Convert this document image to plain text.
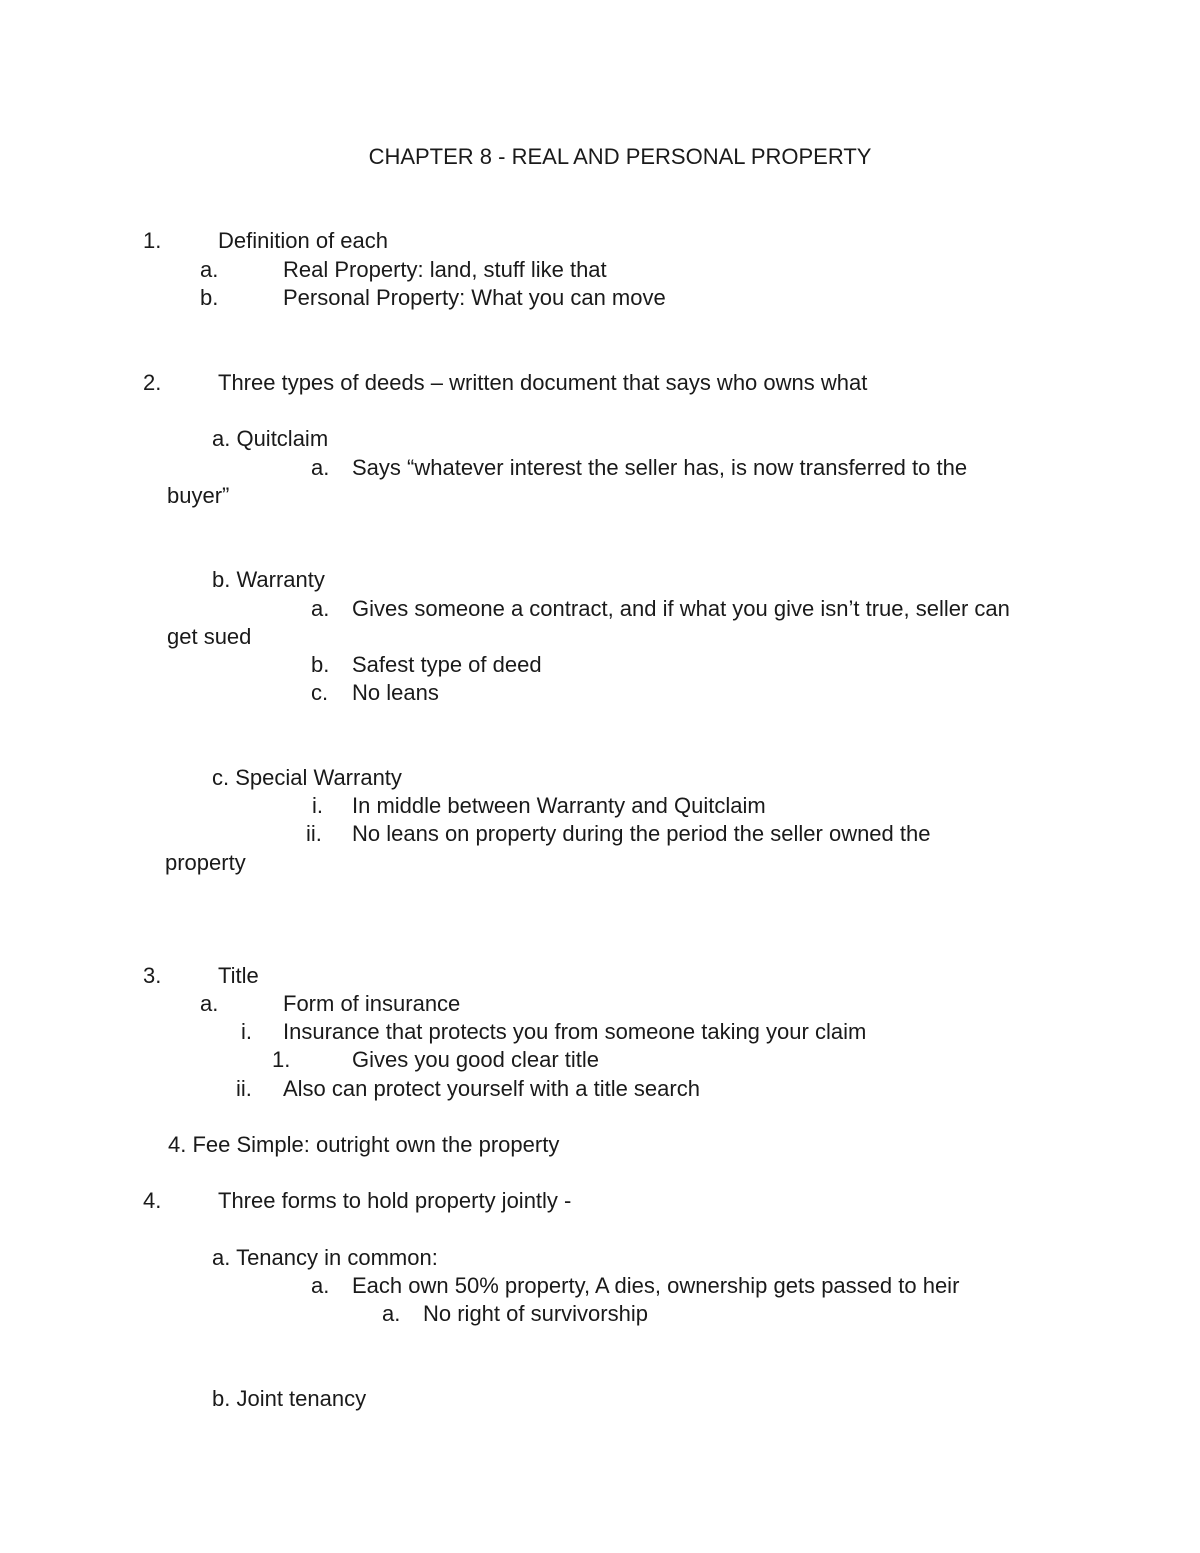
CHAPTER 8 - REAL AND PERSONAL PROPERTY
1.	Definition of each
a.	Real Property: land, stuff like that
b.	Personal Property: What you can move
2.	Three types of deeds – written document that says who owns what
a. Quitclaim
a. Says “whatever interest the seller has, is now transferred to the
buyer”
b. Warranty
a. Gives someone a contract, and if what you give isn’t true, seller can
get sued
b. Safest type of deed
c. No leans
c. Special Warranty
i. In middle between Warranty and Quitclaim
ii. No leans on property during the period the seller owned the
property
3.	Title
a.	Form of insurance
i. Insurance that protects you from someone taking your claim
1.	Gives you good clear title
ii. Also can protect yourself with a title search
4. Fee Simple: outright own the property
4.	Three forms to hold property jointly -
a. Tenancy in common:
a. Each own 50% property, A dies, ownership gets passed to heir
a. No right of survivorship
b. Joint tenancy
